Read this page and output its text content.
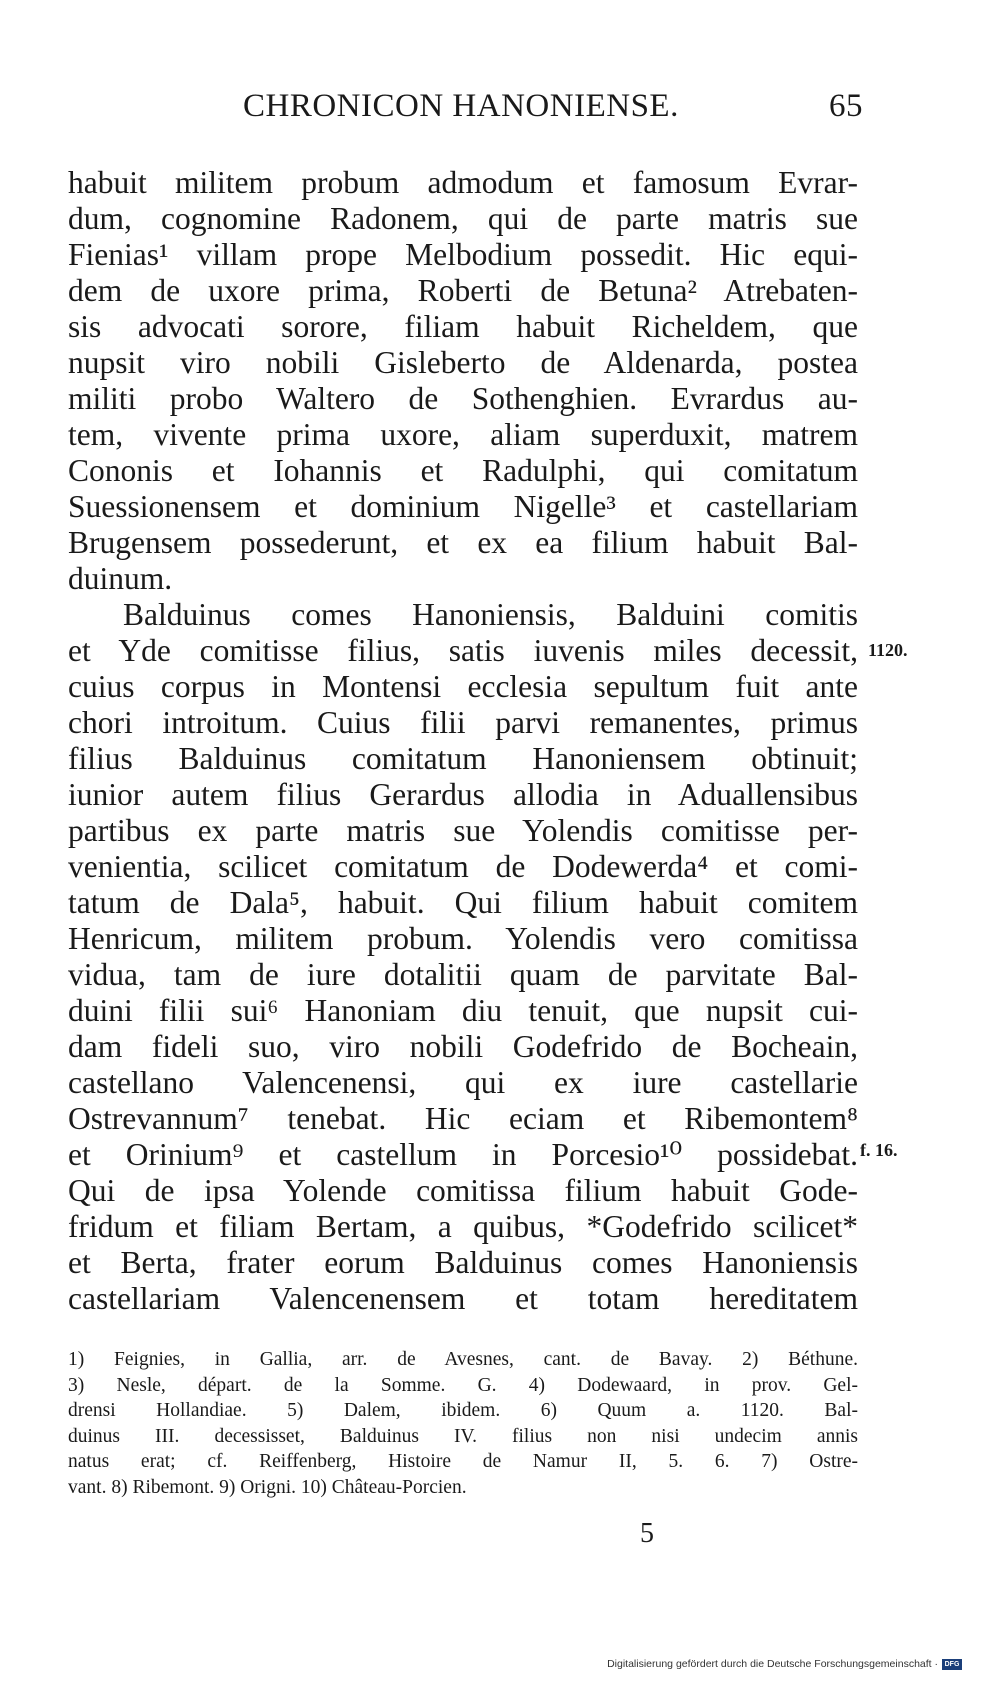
CHRONICON HANONIENSE.	65
habuit militem probum admodum et famosum Evrar-
dum, cognomine Radonem, qui de parte matris sue
Fienias¹ villam prope Melbodium possedit. Hic equi-
dem de uxore prima, Roberti de Betuna² Atrebaten-
sis advocati sorore, filiam habuit Richeldem, que
nupsit viro nobili Gisleberto de Aldenarda, postea
militi probo Waltero de Sothenghien. Evrardus au-
tem, vivente prima uxore, aliam superduxit, matrem
Cononis et Iohannis et Radulphi, qui comitatum
Suessionensem et dominium Nigelle³ et castellariam
Brugensem possederunt, et ex ea filium habuit Bal-
duinum.
Balduinus comes Hanoniensis, Balduini comitis
et Yde comitisse filius, satis iuvenis miles decessit,
cuius corpus in Montensi ecclesia sepultum fuit ante
chori introitum. Cuius filii parvi remanentes, primus
filius Balduinus comitatum Hanoniensem obtinuit;
iunior autem filius Gerardus allodia in Aduallensibus
partibus ex parte matris sue Yolendis comitisse per-
venientia, scilicet comitatum de Dodewerda⁴ et comi-
tatum de Dala⁵, habuit. Qui filium habuit comitem
Henricum, militem probum. Yolendis vero comitissa
vidua, tam de iure dotalitii quam de parvitate Bal-
duini filii sui⁶ Hanoniam diu tenuit, que nupsit cui-
dam fideli suo, viro nobili Godefrido de Bocheain,
castellano Valencenensi, qui ex iure castellarie
Ostrevannum⁷ tenebat. Hic eciam et Ribemontem⁸
et Orinium⁹ et castellum in Porcesio¹⁰ possidebat.
Qui de ipsa Yolende comitissa filium habuit Gode-
fridum et filiam Bertam, a quibus, *Godefrido scilicet*
et Berta, frater eorum Balduinus comes Hanoniensis
castellariam Valencenensem et totam hereditatem
1120.
f. 16.
1) Feignies, in Gallia, arr. de Avesnes, cant. de Bavay. 2) Béthune.
3) Nesle, départ. de la Somme. G. 4) Dodewaard, in prov. Gel-
drensi Hollandiae. 5) Dalem, ibidem. 6) Quum a. 1120. Bal-
duinus III. decessisset, Balduinus IV. filius non nisi undecim annis
natus erat; cf. Reiffenberg, Histoire de Namur II, 5. 6. 7) Ostre-
vant. 8) Ribemont. 9) Origni. 10) Château-Porcien.
5
Digitalisierung gefördert durch die Deutsche Forschungsgemeinschaft · DFG
